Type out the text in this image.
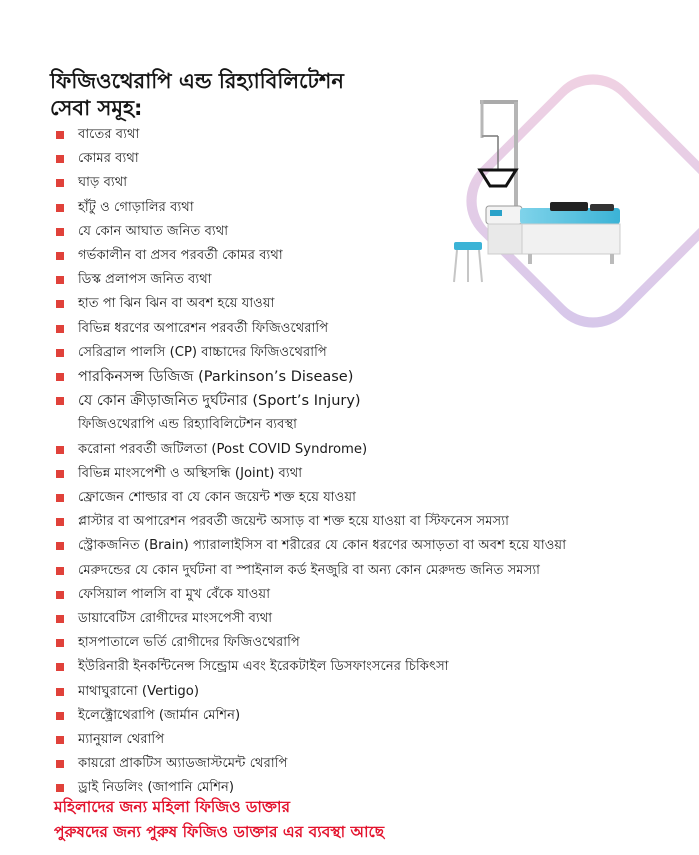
ফিজিওথেরাপি এন্ড রিহ্যাবিলিটেশন
সেবা সমূহ:
বাতের ব্যথা
কোমর ব্যথা
ঘাড় ব্যথা
হাঁটু ও গোড়ালির ব্যথা
যে কোন আঘাত জনিত ব্যথা
গর্ভকালীন বা প্রসব পরবর্তী কোমর ব্যথা
ডিস্ক প্রলাপস জনিত ব্যথা
হাত পা ঝিন ঝিন বা অবশ হয়ে যাওয়া
বিভিন্ন ধরণের অপারেশন পরবর্তী ফিজিওথেরাপি
সেরিব্রাল পালসি (CP) বাচ্চাদের ফিজিওথেরাপি
পারকিনসন্স ডিজিজ (Parkinson’s Disease)
যে কোন ক্রীড়াজনিত দুর্ঘটনার (Sport’s Injury)
ফিজিওথেরাপি এন্ড রিহ্যাবিলিটেশন ব্যবস্থা
করোনা পরবর্তী জটিলতা (Post COVID Syndrome)
বিভিন্ন মাংসপেশী ও অস্থিসন্ধি (Joint) ব্যথা
ফ্রোজেন শোল্ডার বা যে কোন জয়েন্ট শক্ত হয়ে যাওয়া
প্লাস্টার বা অপারেশন পরবর্তী জয়েন্ট অসাড় বা শক্ত হয়ে যাওয়া বা স্টিফনেস সমস্যা
স্ট্রোকজনিত (Brain) প্যারালাইসিস বা শরীরের যে কোন ধরণের অসাড়তা বা অবশ হয়ে যাওয়া
মেরুদন্ডের যে কোন দুর্ঘটনা বা স্পাইনাল কর্ড ইনজুরি বা অন্য কোন মেরুদন্ড জনিত সমস্যা
ফেসিয়াল পালসি বা মুখ বেঁকে যাওয়া
ডায়াবেটিস রোগীদের মাংসপেসী ব্যথা
হাসপাতালে ভর্তি রোগীদের ফিজিওথেরাপি
ইউরিনারী ইনকন্টিনেন্স সিন্ড্রোম এবং ইরেকটাইল ডিসফাংসনের চিকিৎসা
মাথাঘুরানো (Vertigo)
ইলেক্ট্রোথেরাপি (জার্মান মেশিন)
ম্যানুয়াল থেরাপি
কায়রো প্রাকটিস অ্যাডজাস্টমেন্ট থেরাপি
ড্রাই নিডলিং (জাপানি মেশিন)
মহিলাদের জন্য মহিলা ফিজিও ডাক্তার
পুরুষদের জন্য পুরুষ ফিজিও ডাক্তার এর ব্যবস্থা আছে
